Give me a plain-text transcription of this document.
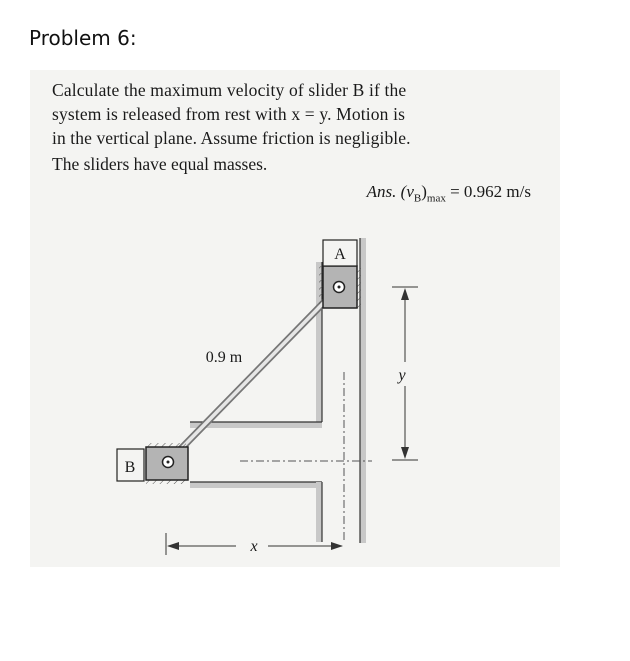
Problem 6:
Calculate the maximum velocity of slider B if the
system is released from rest with x = y. Motion is
in the vertical plane. Assume friction is negligible.
The sliders have equal masses.
Ans. $(v_B)_{max} = 0.962$ m/s
A
B
0.9 m
y
x
